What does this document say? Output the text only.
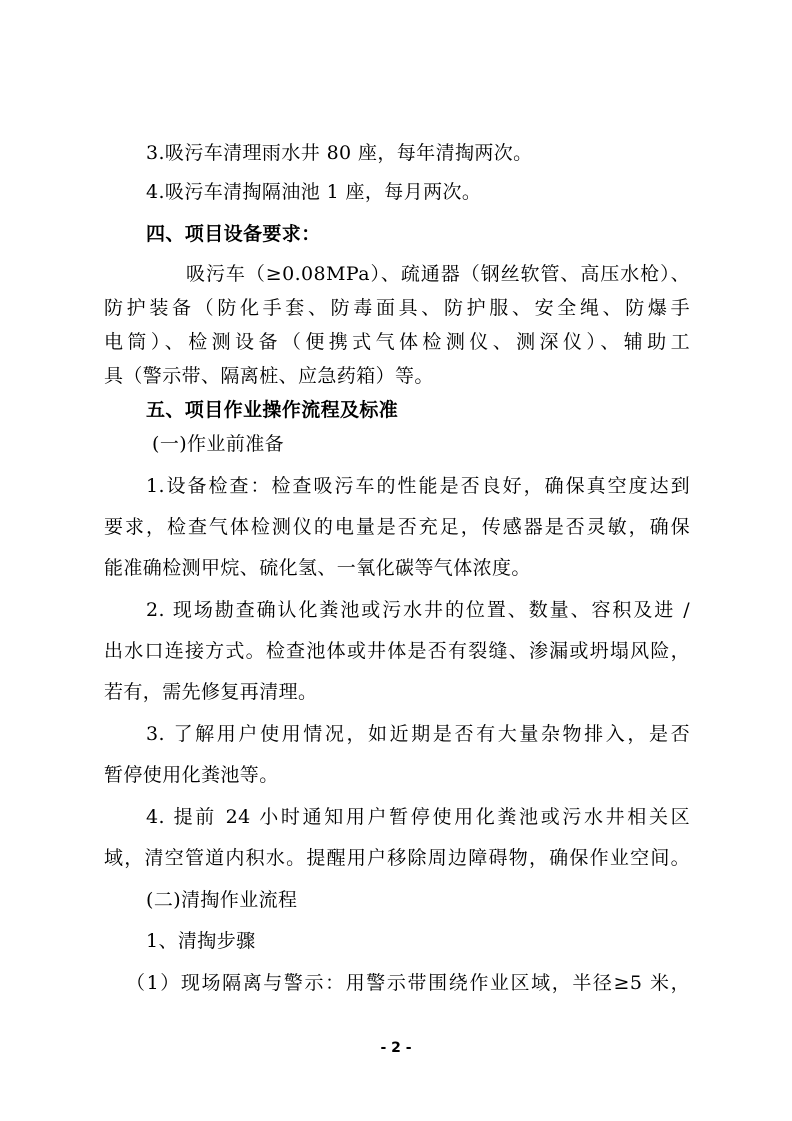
3.吸污车清理雨水井 80 座，每年清掏两次。
4.吸污车清掏隔油池 1 座，每月两次。
四、项目设备要求：
吸污车（≥0.08MPa）、疏通器（钢丝软管、高压水枪）、
防护装备（防化手套、防毒面具、防护服、安全绳、防爆手
电筒）、检测设备（便携式气体检测仪、测深仪）、辅助工
具（警示带、隔离桩、应急药箱）等。
五、项目作业操作流程及标准
(一)作业前准备
1.设备检查：检查吸污车的性能是否良好，确保真空度达到
要求，检查气体检测仪的电量是否充足，传感器是否灵敏，确保
能准确检测甲烷、硫化氢、一氧化碳等气体浓度。
2. 现场勘查确认化粪池或污水井的位置、数量、容积及进 /
出水口连接方式。检查池体或井体是否有裂缝、渗漏或坍塌风险，
若有，需先修复再清理。
3. 了解用户使用情况，如近期是否有大量杂物排入，是否
暂停使用化粪池等。
4. 提前 24 小时通知用户暂停使用化粪池或污水井相关区
域，清空管道内积水。提醒用户移除周边障碍物，确保作业空间。
(二)清掏作业流程
1、清掏步骤
（1）现场隔离与警示：用警示带围绕作业区域，半径≥5 米，
- 2 -
